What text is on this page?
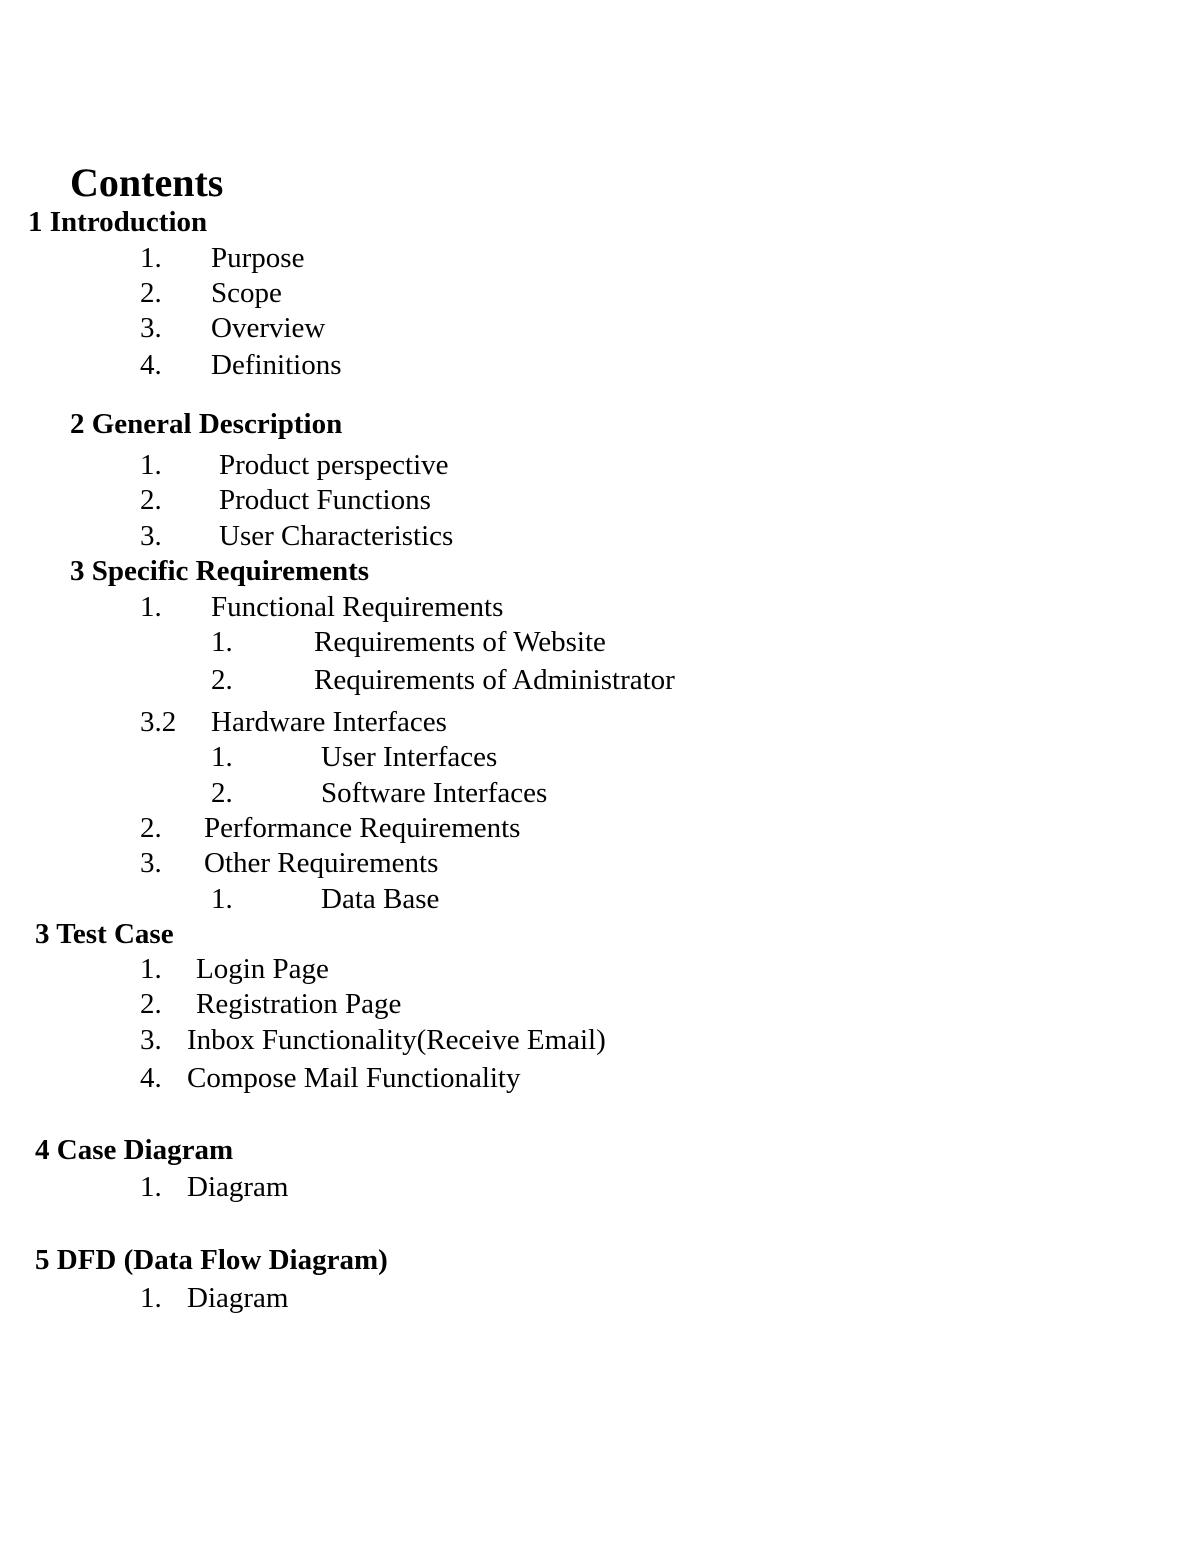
Contents
1 Introduction
1. Purpose
2. Scope
3. Overview
4. Definitions
2 General Description
1. Product perspective
2. Product Functions
3. User Characteristics
3 Specific Requirements
1. Functional Requirements
1.	Requirements of Website
2.	Requirements of Administrator
3.2 Hardware Interfaces
1.	User Interfaces
2.	Software Interfaces
2. Performance Requirements
3. Other Requirements
1.	Data Base
3 Test Case
1. Login Page
2. Registration Page
3. Inbox Functionality(Receive Email)
4. Compose Mail Functionality
4 Case Diagram
1. Diagram
5 DFD (Data Flow Diagram)
1. Diagram
